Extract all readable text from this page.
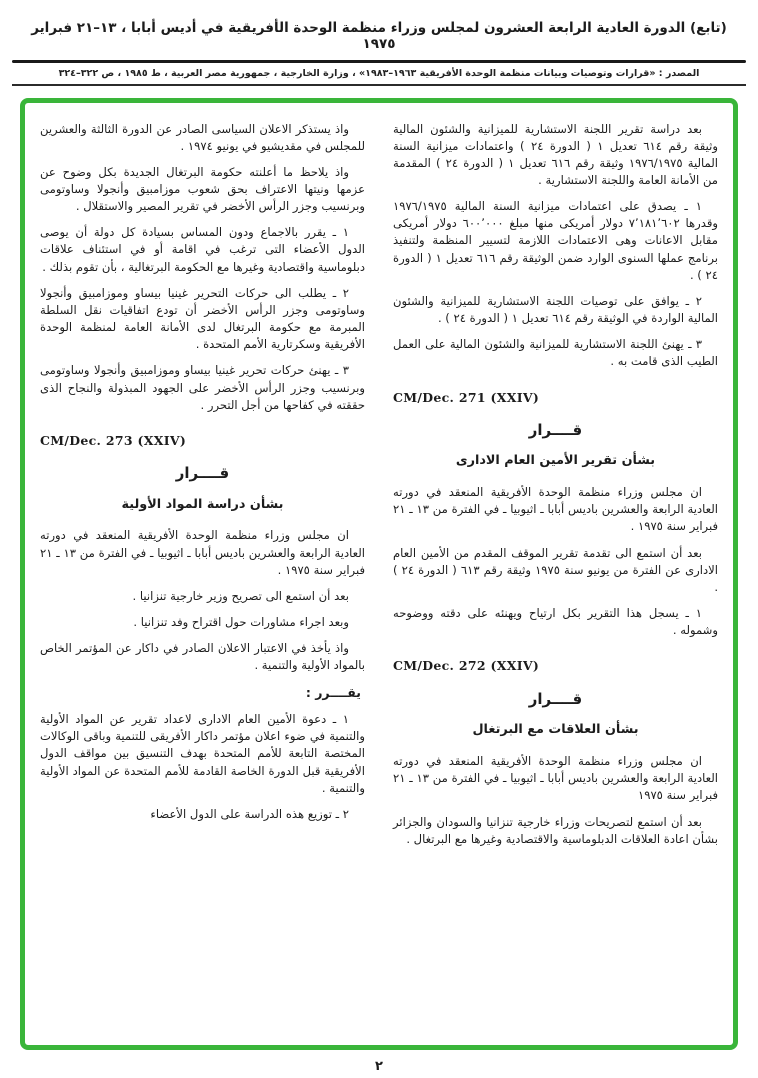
(تابع) الدورة العادية الرابعة العشرون لمجلس وزراء منظمة الوحدة الأفريقية في أديس أبابا ، ١٣–٢١ فبراير ١٩٧٥
المصدر : «قرارات وتوصيات وبيانات منظمة الوحدة الأفريقية ١٩٦٣–١٩٨٣» ، وزارة الخارجية ، جمهورية مصر العربية ، ط ١٩٨٥ ، ص ٣٢٢–٣٢٤
بعد دراسة تقرير اللجنة الاستشارية للميزانية والشئون المالية وثيقة رقم ٦١٤ تعديل ١ ( الدورة ٢٤ ) واعتمادات ميزانية السنة المالية ١٩٧٦/١٩٧٥ وثيقة رقم ٦١٦ تعديل ١ ( الدورة ٢٤ ) المقدمة من الأمانة العامة واللجنة الاستشارية .
١ ـ يصدق على اعتمادات ميزانية السنة المالية ١٩٧٦/١٩٧٥ وقدرها ٧٬١٨١٬٦٠٢ دولار أمريكى منها مبلغ ٦٠٠٬٠٠٠ دولار أمريكى مقابل الاعانات وهى الاعتمادات اللازمة لتسيير المنظمة ولتنفيذ برنامج عملها السنوى الوارد ضمن الوثيقة رقم ٦١٦ تعديل ١ ( الدورة ٢٤ ) .
٢ ـ يوافق على توصيات اللجنة الاستشارية للميزانية والشئون المالية الواردة في الوثيقة رقم ٦١٤ تعديل ١ ( الدورة ٢٤ ) .
٣ ـ يهنئ اللجنة الاستشارية للميزانية والشئون المالية على العمل الطيب الذى قامت به .
CM/Dec. 271 (XXIV)
قــــرار
بشأن تقرير الأمين العام الادارى
ان مجلس وزراء منظمة الوحدة الأفريقية المنعقد في دورته العادية الرابعة والعشرين باديس أبابا ـ اثيوبيا ـ في الفترة من ١٣ ـ ٢١ فبراير سنة ١٩٧٥ .
بعد أن استمع الى تقدمة تقرير الموقف المقدم من الأمين العام الادارى عن الفترة من يونيو سنة ١٩٧٥ وثيقة رقم ٦١٣ ( الدورة ٢٤ ) .
١ ـ يسجل هذا التقرير بكل ارتياح ويهنئه على دقته ووضوحه وشموله .
CM/Dec. 272 (XXIV)
قــــرار
بشأن العلاقات مع البرتغال
ان مجلس وزراء منظمة الوحدة الأفريقية المنعقد في دورته العادية الرابعة والعشرين باديس أبابا ـ اثيوبيا ـ في الفترة من ١٣ ـ ٢١ فبراير سنة ١٩٧٥
بعد أن استمع لتصريحات وزراء خارجية تنزانيا والسودان والجزائر بشأن اعادة العلاقات الدبلوماسية والاقتصادية وغيرها مع البرتغال .
واذ يستذكر الاعلان السياسى الصادر عن الدورة الثالثة والعشرين للمجلس في مقديشيو في يونيو ١٩٧٤ .
واذ يلاحظ ما أعلنته حكومة البرتغال الجديدة بكل وضوح عن عزمها ونيتها الاعتراف بحق شعوب موزامبيق وأنجولا وساوتومى وبرنسيب وجزر الرأس الأخضر في تقرير المصير والاستقلال .
١ ـ يقرر بالاجماع ودون المساس بسيادة كل دولة أن يوصى الدول الأعضاء التى ترغب في اقامة أو في استئناف علاقات دبلوماسية واقتصادية وغيرها مع الحكومة البرتغالية ، بأن تقوم بذلك .
٢ ـ يطلب الى حركات التحرير غينيا بيساو وموزامبيق وأنجولا وساوتومى وجزر الرأس الأخضر أن تودع اتفاقيات نقل السلطة المبرمة مع حكومة البرتغال لدى الأمانة العامة لمنظمة الوحدة الأفريقية وسكرتارية الأمم المتحدة .
٣ ـ يهنئ حركات تحرير غينيا بيساو وموزامبيق وأنجولا وساوتومى وبرنسيب وجزر الرأس الأخضر على الجهود المبذولة والنجاح الذى حققته في كفاحها من أجل التحرر .
CM/Dec. 273 (XXIV)
قــــرار
بشأن دراسة المواد الأولية
ان مجلس وزراء منظمة الوحدة الأفريقية المنعقد في دورته العادية الرابعة والعشرين باديس أبابا ـ اثيوبيا ـ في الفترة من ١٣ ـ ٢١ فبراير سنة ١٩٧٥ .
بعد أن استمع الى تصريح وزير خارجية تنزانيا .
وبعد اجراء مشاورات حول اقتراح وفد تنزانيا .
واذ يأخذ في الاعتبار الاعلان الصادر في داكار عن المؤتمر الخاص بالمواد الأولية والتنمية .
يقــــرر :
١ ـ دعوة الأمين العام الادارى لاعداد تقرير عن المواد الأولية والتنمية في ضوء اعلان مؤتمر داكار الأفريقى للتنمية وباقى الوكالات المختصة التابعة للأمم المتحدة بهدف التنسيق بين مواقف الدول الأفريقية قبل الدورة الخاصة القادمة للأمم المتحدة عن المواد الأولية والتنمية .
٢ ـ توزيع هذه الدراسة على الدول الأعضاء
٢
